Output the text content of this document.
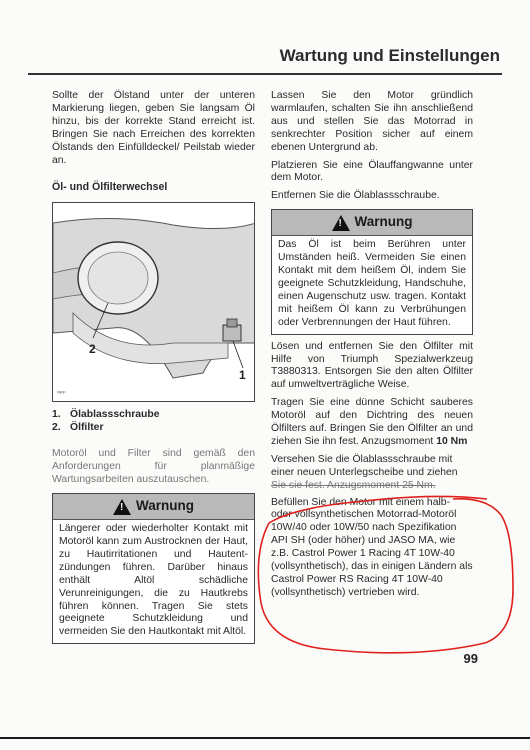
Wartung und Einstellungen

Sollte der Ölstand unter der unteren Markierung liegen, geben Sie langsam Öl hinzu, bis der korrekte Stand erreicht ist. Bringen Sie nach Erreichen des korrekten Ölstands den Einfülldeckel/ Peilstab wieder an.

Öl- und Ölfilterwechsel
2
1
cgcp
1. Ölablassschraube
2. Ölfilter

Motoröl und Filter sind gemäß den Anforderungen für planmäßige Wartungsarbeiten auszutauschen.

! Warnung
Längerer oder wiederholter Kontakt mit Motoröl kann zum Austrocknen der Haut, zu Hautirritationen und Hautent-zündungen führen. Darüber hinaus enthält Altöl schädliche Verunreinigungen, die zu Hautkrebs führen können. Tragen Sie stets geeignete Schutzkleidung und vermeiden Sie den Hautkontakt mit Altöl.

Lassen Sie den Motor gründlich warmlaufen, schalten Sie ihn anschließend aus und stellen Sie das Motorrad in senkrechter Position sicher auf einem ebenen Untergrund ab.

Platzieren Sie eine Ölauffangwanne unter dem Motor.

Entfernen Sie die Ölablassschraube.

! Warnung
Das Öl ist beim Berühren unter Umständen heiß. Vermeiden Sie einen Kontakt mit dem heißem Öl, indem Sie geeignete Schutzkleidung, Handschuhe, einen Augenschutz usw. tragen. Kontakt mit heißem Öl kann zu Verbrühungen oder Verbrennungen der Haut führen.

Lösen und entfernen Sie den Ölfilter mit Hilfe von Triumph Spezialwerkzeug T3880313. Entsorgen Sie den alten Ölfilter auf umweltverträgliche Weise.

Tragen Sie eine dünne Schicht sauberes Motoröl auf den Dichtring des neuen Ölfilters auf. Bringen Sie den Ölfilter an und ziehen Sie ihn fest. Anzugsmoment 10 Nm

Versehen Sie die Ölablassschraube mit
einer neuen Unterlegscheibe und ziehen
Sie sie fest. Anzugsmoment 25 Nm.

Befüllen Sie den Motor mit einem halb- oder vollsynthetischen Motorrad-Motoröl 10W/40 oder 10W/50 nach Spezifikation API SH (oder höher) und JASO MA, wie z.B. Castrol Power 1 Racing 4T 10W-40 (vollsynthetisch), das in einigen Ländern als Castrol Power RS Racing 4T 10W-40 (vollsynthetisch) vertrieben wird.

99
